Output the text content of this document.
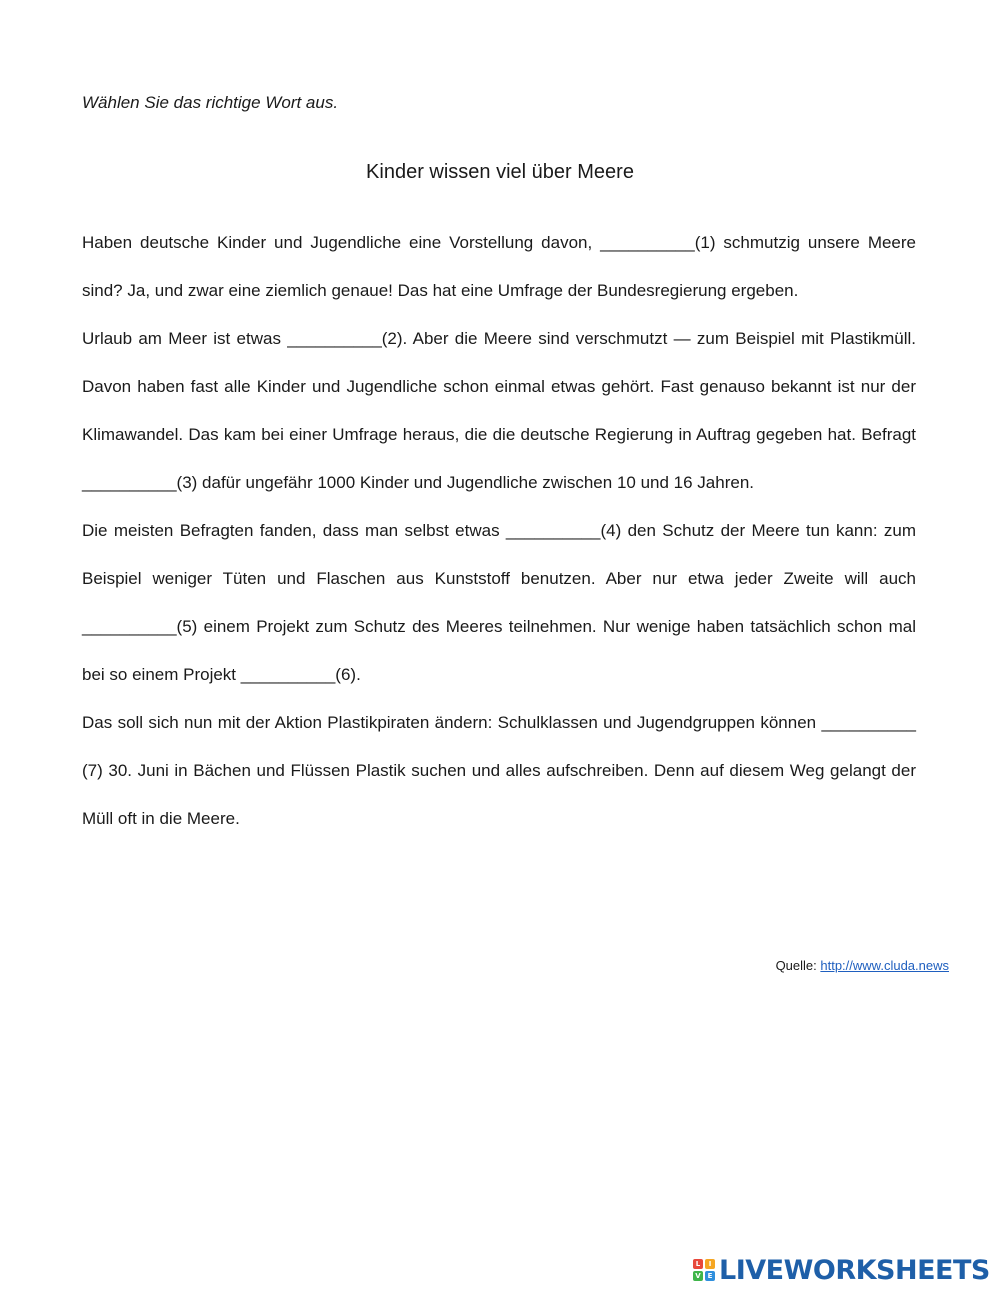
Wählen Sie das richtige Wort aus.
Kinder wissen viel über Meere

Haben deutsche Kinder und Jugendliche eine Vorstellung davon, __________(1) schmutzig unsere Meere sind? Ja, und zwar eine ziemlich genaue! Das hat eine Umfrage der Bundesregierung ergeben.

Urlaub am Meer ist etwas __________(2). Aber die Meere sind verschmutzt — zum Beispiel mit Plastikmüll. Davon haben fast alle Kinder und Jugendliche schon einmal etwas gehört. Fast genauso bekannt ist nur der Klimawandel. Das kam bei einer Umfrage heraus, die die deutsche Regierung in Auftrag gegeben hat. Befragt __________(3) dafür ungefähr 1000 Kinder und Jugendliche zwischen 10 und 16 Jahren.

Die meisten Befragten fanden, dass man selbst etwas __________(4) den Schutz der Meere tun kann: zum Beispiel weniger Tüten und Flaschen aus Kunststoff benutzen. Aber nur etwa jeder Zweite will auch __________(5) einem Projekt zum Schutz des Meeres teilnehmen. Nur wenige haben tatsächlich schon mal bei so einem Projekt __________(6).

Das soll sich nun mit der Aktion Plastikpiraten ändern: Schulklassen und Jugendgruppen können __________ (7) 30. Juni in Bächen und Flüssen Plastik suchen und alles aufschreiben. Denn auf diesem Weg gelangt der Müll oft in die Meere.

Quelle: http://www.cluda.news
L	I
V E LIVEWORKSHEETS
